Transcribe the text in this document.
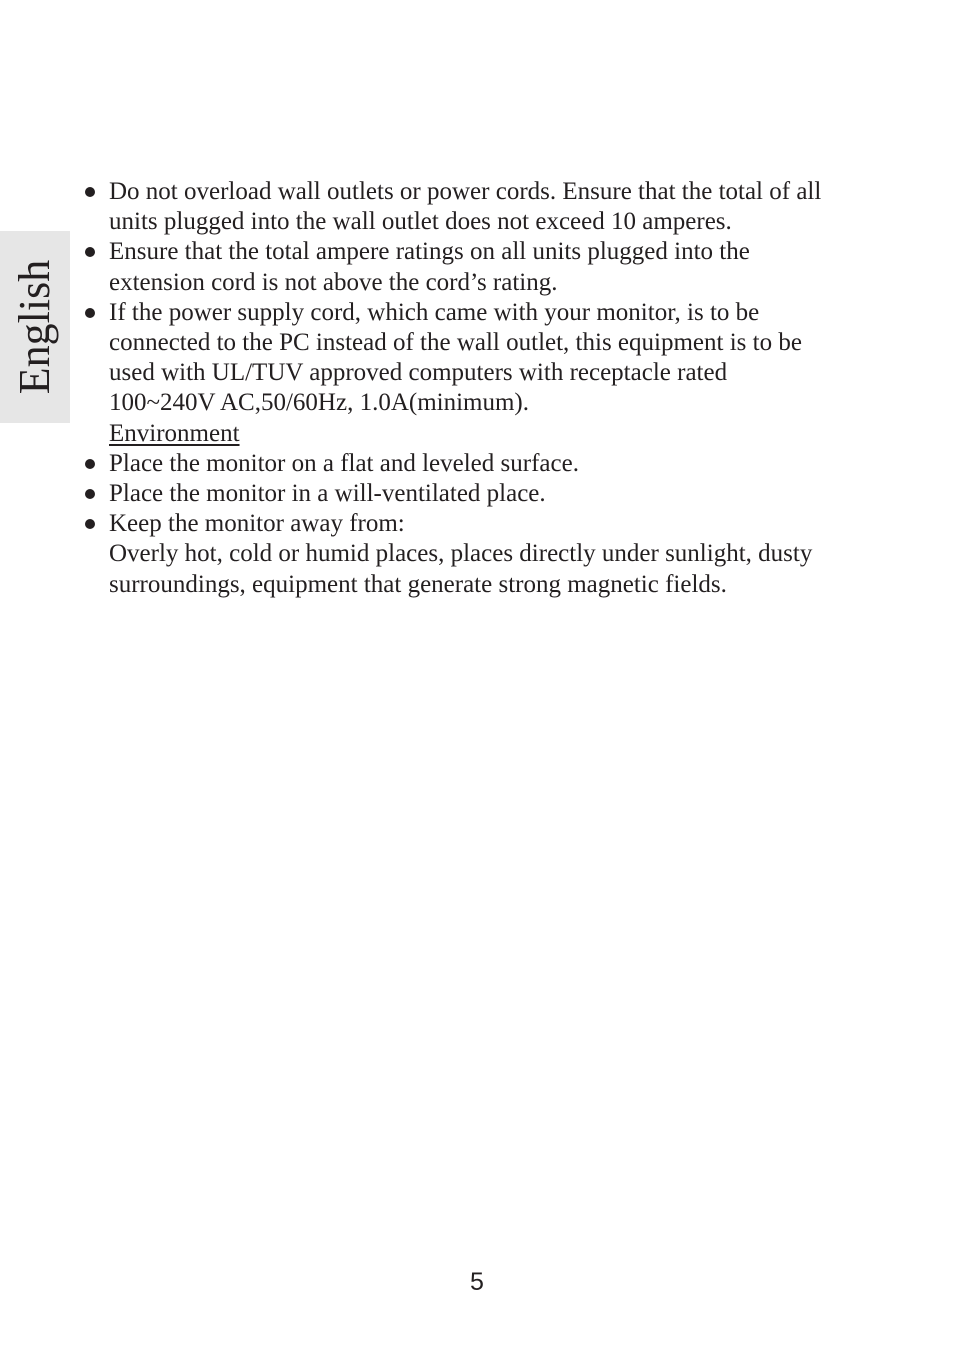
English
Do not overload wall outlets or power cords. Ensure that the total of all
units plugged into the wall outlet does not exceed 10 amperes.
Ensure that the total ampere ratings on all units plugged into the
extension cord is not above the cord’s rating.
If the power supply cord, which came with your monitor, is to be
connected to the PC instead of the wall outlet, this equipment is to be
used with UL/TUV approved computers with receptacle rated
100~240V AC,50/60Hz, 1.0A(minimum).
Environment
Place the monitor on a flat and leveled surface.
Place the monitor in a will-ventilated place.
Keep the monitor away from:
Overly hot, cold or humid places, places directly under sunlight, dusty
surroundings, equipment that generate strong magnetic fields.
5
